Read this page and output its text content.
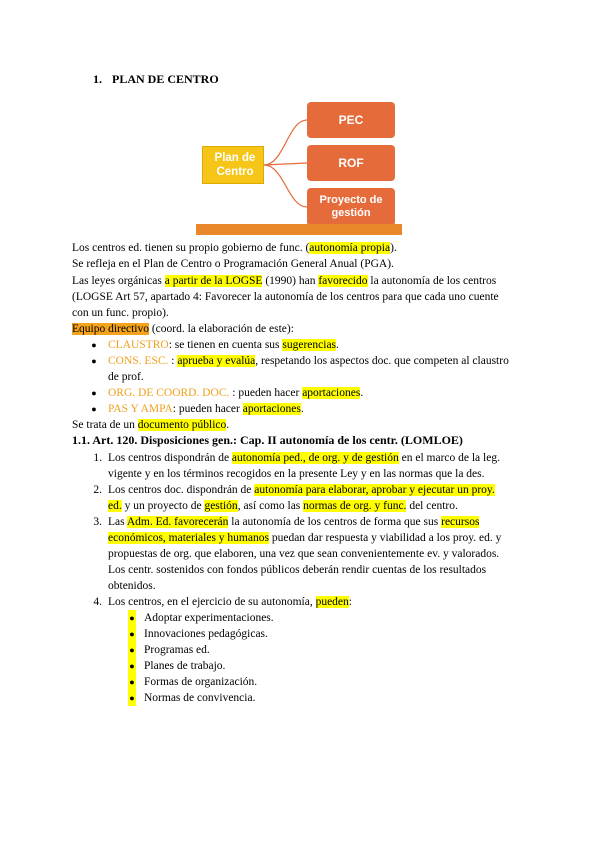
1. PLAN DE CENTRO
Plan de
Centro
PEC
ROF
Proyecto de
gestión
Los centros ed. tienen su propio gobierno de func. (autonomía propia).
Se refleja en el Plan de Centro o Programación General Anual (PGA).
Las leyes orgánicas a partir de la LOGSE (1990) han favorecido la autonomía de los centros
(LOGSE Art 57, apartado 4: Favorecer la autonomía de los centros para que cada uno cuente
con un func. propio).
Equipo directivo (coord. la elaboración de este):
● CLAUSTRO: se tienen en cuenta sus sugerencias.
● CONS. ESC. : aprueba y evalúa, respetando los aspectos doc. que competen al claustro
de prof.
● ORG. DE COORD. DOC. : pueden hacer aportaciones.
● PAS Y AMPA: pueden hacer aportaciones.
Se trata de un documento público.
1.1. Art. 120. Disposiciones gen.: Cap. II autonomía de los centr. (LOMLOE)
1. Los centros dispondrán de autonomía ped., de org. y de gestión en el marco de la leg.
vigente y en los términos recogidos en la presente Ley y en las normas que la des.
2. Los centros doc. dispondrán de autonomía para elaborar, aprobar y ejecutar un proy.
ed. y un proyecto de gestión, así como las normas de org. y func. del centro.
3. Las Adm. Ed. favorecerán la autonomía de los centros de forma que sus recursos
económicos, materiales y humanos puedan dar respuesta y viabilidad a los proy. ed. y
propuestas de org. que elaboren, una vez que sean convenientemente ev. y valorados.
Los centr. sostenidos con fondos públicos deberán rendir cuentas de los resultados
obtenidos.
4. Los centros, en el ejercicio de su autonomía, pueden:
● Adoptar experimentaciones.
● Innovaciones pedagógicas.
● Programas ed.
● Planes de trabajo.
● Formas de organización.
● Normas de convivencia.
